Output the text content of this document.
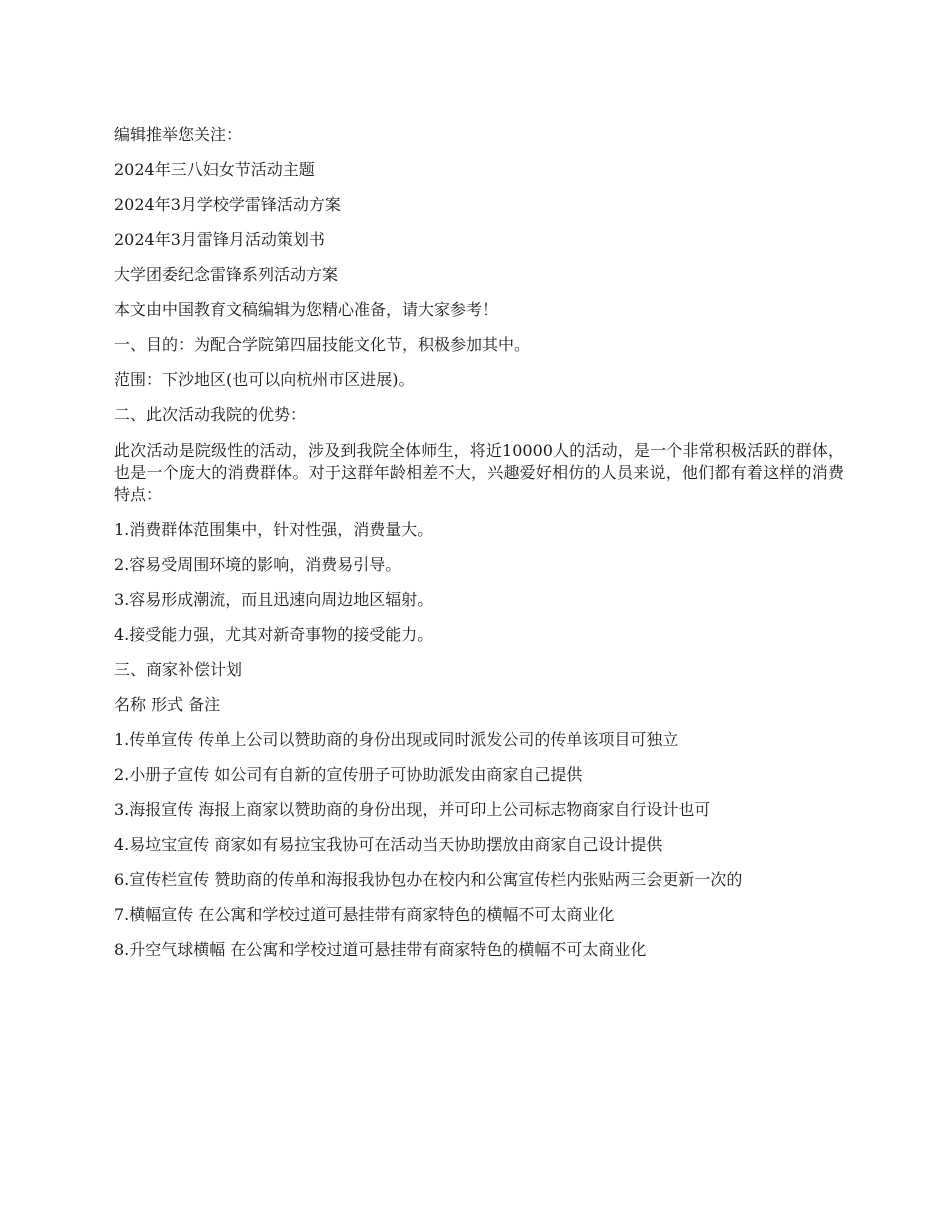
编辑推举您关注：

2024年三八妇女节活动主题

2024年3月学校学雷锋活动方案

2024年3月雷锋月活动策划书

大学团委纪念雷锋系列活动方案

本文由中国教育文稿编辑为您精心准备，请大家参考！

一、目的：为配合学院第四届技能文化节，积极参加其中。

范围：下沙地区(也可以向杭州市区进展)。

二、此次活动我院的优势：

此次活动是院级性的活动，涉及到我院全体师生，将近10000人的活动，是一个非常积极活跃的群体，也是一个庞大的消费群体。对于这群年龄相差不大，兴趣爱好相仿的人员来说，他们都有着这样的消费特点：

1.消费群体范围集中，针对性强，消费量大。

2.容易受周围环境的影响，消费易引导。

3.容易形成潮流，而且迅速向周边地区辐射。

4.接受能力强，尤其对新奇事物的接受能力。

三、商家补偿计划

名称 形式 备注

1.传单宣传 传单上公司以赞助商的身份出现或同时派发公司的传单该项目可独立

2.小册子宣传 如公司有自新的宣传册子可协助派发由商家自己提供

3.海报宣传 海报上商家以赞助商的身份出现，并可印上公司标志物商家自行设计也可

4.易垃宝宣传 商家如有易拉宝我协可在活动当天协助摆放由商家自己设计提供

6.宣传栏宣传 赞助商的传单和海报我协包办在校内和公寓宣传栏内张贴两三会更新一次的

7.横幅宣传 在公寓和学校过道可悬挂带有商家特色的横幅不可太商业化

8.升空气球横幅 在公寓和学校过道可悬挂带有商家特色的横幅不可太商业化
